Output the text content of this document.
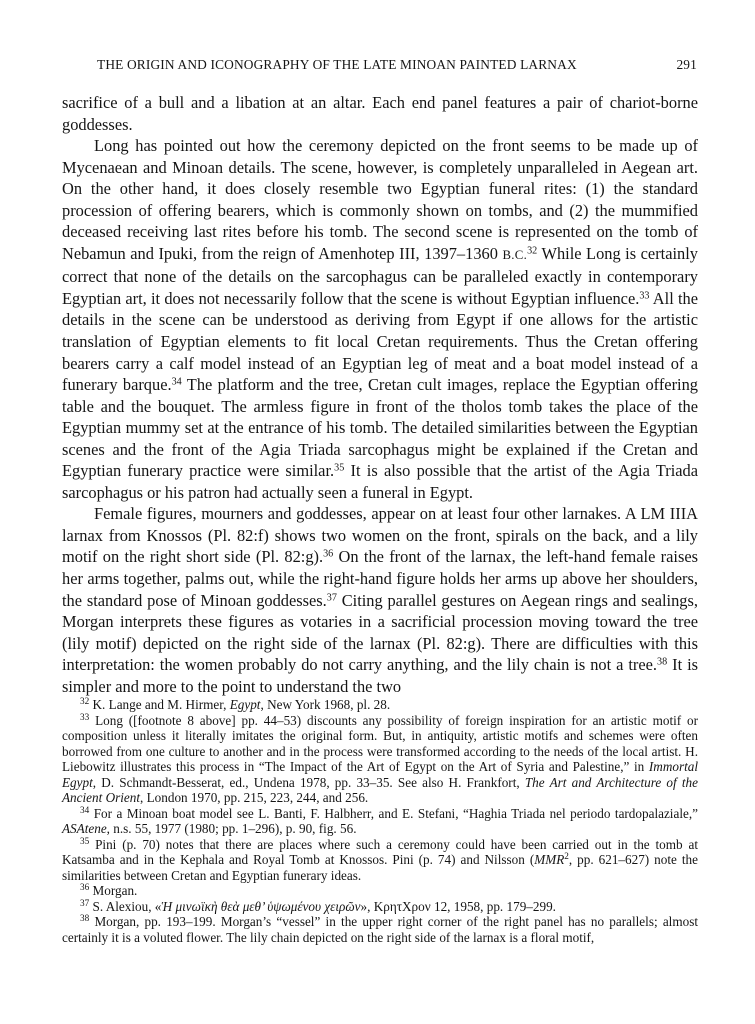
THE ORIGIN AND ICONOGRAPHY OF THE LATE MINOAN PAINTED LARNAX	291

sacrifice of a bull and a libation at an altar. Each end panel features a pair of chariot-borne goddesses.

Long has pointed out how the ceremony depicted on the front seems to be made up of Mycenaean and Minoan details. The scene, however, is completely unparalleled in Aegean art. On the other hand, it does closely resemble two Egyptian funeral rites: (1) the standard procession of offering bearers, which is commonly shown on tombs, and (2) the mummified deceased receiving last rites before his tomb. The second scene is represented on the tomb of Nebamun and Ipuki, from the reign of Amenhotep III, 1397–1360 B.C.$^{32}$ While Long is certainly correct that none of the details on the sarcophagus can be paralleled exactly in contemporary Egyptian art, it does not necessarily follow that the scene is without Egyptian influence.$^{33}$ All the details in the scene can be understood as deriving from Egypt if one allows for the artistic translation of Egyptian elements to fit local Cretan requirements. Thus the Cretan offering bearers carry a calf model instead of an Egyptian leg of meat and a boat model instead of a funerary barque.$^{34}$ The platform and the tree, Cretan cult images, replace the Egyptian offering table and the bouquet. The armless figure in front of the tholos tomb takes the place of the Egyptian mummy set at the entrance of his tomb. The detailed similarities between the Egyptian scenes and the front of the Agia Triada sarcophagus might be explained if the Cretan and Egyptian funerary practice were similar.$^{35}$ It is also possible that the artist of the Agia Triada sarcophagus or his patron had actually seen a funeral in Egypt.

Female figures, mourners and goddesses, appear on at least four other larnakes. A LM IIIA larnax from Knossos (Pl. 82:f) shows two women on the front, spirals on the back, and a lily motif on the right short side (Pl. 82:g).$^{36}$ On the front of the larnax, the left-hand female raises her arms together, palms out, while the right-hand figure holds her arms up above her shoulders, the standard pose of Minoan goddesses.$^{37}$ Citing parallel gestures on Aegean rings and sealings, Morgan interprets these figures as votaries in a sacrificial procession moving toward the tree (lily motif) depicted on the right side of the larnax (Pl. 82:g). There are difficulties with this interpretation: the women probably do not carry anything, and the lily chain is not a tree.$^{38}$ It is simpler and more to the point to understand the two

$^{32}$ K. Lange and M. Hirmer, Egypt, New York 1968, pl. 28.

$^{33}$ Long ([footnote 8 above] pp. 44–53) discounts any possibility of foreign inspiration for an artistic motif or composition unless it literally imitates the original form. But, in antiquity, artistic motifs and schemes were often borrowed from one culture to another and in the process were transformed according to the needs of the local artist. H. Liebowitz illustrates this process in “The Impact of the Art of Egypt on the Art of Syria and Palestine,” in Immortal Egypt, D. Schmandt-Besserat, ed., Undena 1978, pp. 33–35. See also H. Frankfort, The Art and Architecture of the Ancient Orient, London 1970, pp. 215, 223, 244, and 256.

$^{34}$ For a Minoan boat model see L. Banti, F. Halbherr, and E. Stefani, “Haghia Triada nel periodo tardopalaziale,” ASAtene, n.s. 55, 1977 (1980; pp. 1–296), p. 90, fig. 56.

$^{35}$ Pini (p. 70) notes that there are places where such a ceremony could have been carried out in the tomb at Katsamba and in the Kephala and Royal Tomb at Knossos. Pini (p. 74) and Nilsson (MMR$^2$, pp. 621–627) note the similarities between Cretan and Egyptian funerary ideas.

$^{36}$ Morgan.

$^{37}$ S. Alexiou, «Ἡ μινωϊκὴ θεὰ μεθ’ ὑψωμένου χειρῶν», ΚρητΧρον 12, 1958, pp. 179–299.

$^{38}$ Morgan, pp. 193–199. Morgan’s “vessel” in the upper right corner of the right panel has no parallels; almost certainly it is a voluted flower. The lily chain depicted on the right side of the larnax is a floral motif,
